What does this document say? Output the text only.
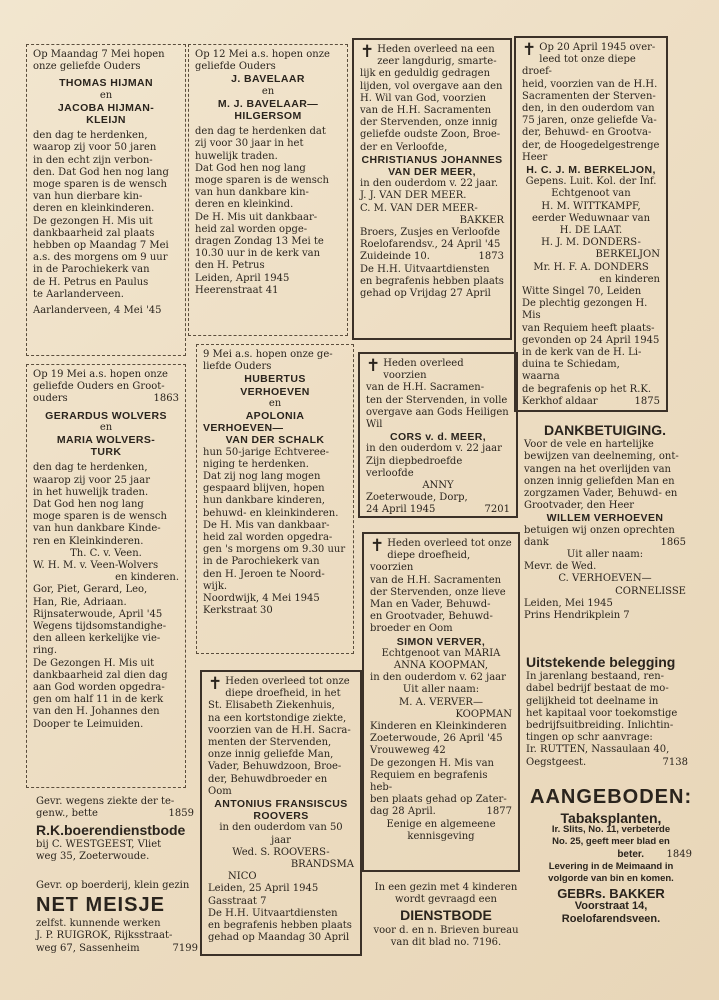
Op Maandag 7 Mei hopen
onze geliefde Ouders
THOMAS HIJMAN
en
JACOBA HIJMAN-
KLEIJN
den dag te herdenken,
waarop zij voor 50 jaren
in den echt zijn verbon-
den. Dat God hen nog lang
moge sparen is de wensch
van hun dierbare kin-
deren en kleinkinderen.
De gezongen H. Mis uit
dankbaarheid zal plaats
hebben op Maandag 7 Mei
a.s. des morgens om 9 uur
in de Parochiekerk van
de H. Petrus en Paulus
te Aarlanderveen.
Aarlanderveen, 4 Mei '45
Op 19 Mei a.s. hopen onze
geliefde Ouders en Groot-
ouders	1863
GERARDUS WOLVERS
en
MARIA WOLVERS-
TURK
den dag te herdenken,
waarop zij voor 25 jaar
in het huwelijk traden.
Dat God hen nog lang
moge sparen is de wensch
van hun dankbare Kinde-
ren en Kleinkinderen.
Th. C. v. Veen.
W. H. M. v. Veen-Wolvers
en kinderen.
Gor, Piet, Gerard, Leo,
Han, Rie, Adriaan.
Rijnsaterwoude, April '45
Wegens tijdsomstandighe-
den alleen kerkelijke vie-
ring.
De Gezongen H. Mis uit
dankbaarheid zal dien dag
aan God worden opgedra-
gen om half 11 in de kerk
van den H. Johannes den
Dooper te Leimuiden.
Gevr. wegens ziekte der te-
genw., bette	1859
R.K.boerendienstbode
bij C. WESTGEEST, Vliet
weg 35, Zoeterwoude.
Gevr. op boerderij, klein gezin
NET MEISJE
zelfst. kunnende werken
J. P. RUIGROK, Rijksstraat-
weg 67, Sassenheim	7199
Op 12 Mei a.s. hopen onze
geliefde Ouders
J. BAVELAAR
en
M. J. BAVELAAR—
HILGERSOM
den dag te herdenken dat
zij voor 30 jaar in het
huwelijk traden.
Dat God hen nog lang
moge sparen is de wensch
van hun dankbare kin-
deren en kleinkind.
De H. Mis uit dankbaar-
heid zal worden opge-
dragen Zondag 13 Mei te
10.30 uur in de kerk van
den H. Petrus
Leiden, April 1945
Heerenstraat 41
9 Mei a.s. hopen onze ge-
liefde Ouders
HUBERTUS
VERHOEVEN
en
APOLONIA
VERHOEVEN—
VAN DER SCHALK
hun 50-jarige Echtvereе-
niging te herdenken.
Dat zij nog lang mogen
gespaard blijven, hopen
hun dankbare kinderen,
behuwd- en kleinkinderen.
De H. Mis van dankbaar-
heid zal worden opgedra-
gen 's morgens om 9.30 uur
in de Parochiekerk van
den H. Jeroen te Noord-
wijk.
Noordwijk, 4 Mei 1945
Kerkstraat 30
✝ Heden overleed tot onze
diepe droefheid, in het
St. Elisabeth Ziekenhuis,
na een kortstondige ziekte,
voorzien van de H.H. Sacra-
menten der Stervenden,
onze innig geliefde Man,
Vader, Behuwdzoon, Broe-
der, Behuwdbroeder en Oom
ANTONIUS FRANSISCUS
ROOVERS
in den ouderdom van 50 jaar
Wed. S. ROOVERS-
BRANDSMA
NICO
Leiden, 25 April 1945
Gasstraat 7
De H.H. Uitvaartdiensten
en begrafenis hebben plaats
gehad op Maandag 30 April
✝ Heden overleed na een
zeer langdurig, smarte-
lijk en geduldig gedragen
lijden, vol overgave aan den
H. Wil van God, voorzien
van de H.H. Sacramenten
der Stervenden, onze innig
geliefde oudste Zoon, Broe-
der en Verloofde,
CHRISTIANUS JOHANNES
VAN DER MEER,
in den ouderdom v. 22 jaar.
J. J. VAN DER MEER.
C. M. VAN DER MEER-
BAKKER
Broers, Zusjes en Verloofde
Roelofarendsv., 24 April '45
Zuideinde 10.	1873
De H.H. Uitvaartdiensten
en begrafenis hebben plaats
gehad op Vrijdag 27 April
✝ Heden overleed voorzien
van de H.H. Sacramen-
ten der Stervenden, in volle
overgave aan Gods Heiligen
Wil
CORS v. d. MEER,
in den ouderdom v. 22 jaar
Zijn diepbedroefde verloofde
ANNY
Zoeterwoude, Dorp,
24 April 1945	7201
✝ Heden overleed tot onze
diepe droefheid, voorzien
van de H.H. Sacramenten
der Stervenden, onze lieve
Man en Vader, Behuwd-
en Grootvader, Behuwd-
broeder en Oom
SIMON VERVER,
Echtgenoot van MARIA
ANNA KOOPMAN,
in den ouderdom v. 62 jaar
Uit aller naam:
M. A. VERVER—
KOOPMAN
Kinderen en Kleinkinderen
Zoeterwoude, 26 April '45
Vrouweweg 42
De gezongen H. Mis van
Requiem en begrafenis heb-
ben plaats gehad op Zater-
dag 28 April.	1877
Eenige en algemeene
kennisgeving
In een gezin met 4 kinderen
wordt gevraagd een
DIENSTBODE
voor d. en n. Brieven bureau
van dit blad no. 7196.
✝ Op 20 April 1945 over-
leed tot onze diepe droef-
heid, voorzien van de H.H.
Sacramenten der Sterven-
den, in den ouderdom van
75 jaren, onze geliefde Va-
der, Behuwd- en Grootva-
der, de Hoogedelgestrenge
Heer
H. C. J. M. BERKELJON,
Gepens. Luit. Kol. der Inf.
Echtgenoot van
H. M. WITTKAMPF,
eerder Weduwnaar van
H. DE LAAT.
H. J. M. DONDERS-
BERKELJON
Mr. H. F. A. DONDERS
en kinderen
Witte Singel 70, Leiden
De plechtig gezongen H. Mis
van Requiem heeft plaats-
gevonden op 24 April 1945
in de kerk van de H. Li-
duina te Schiedam, waarna
de begrafenis op het R.K.
Kerkhof aldaar	1875
DANKBETUIGING.
Voor de vele en hartelijke
bewijzen van deelneming, ont-
vangen na het overlijden van
onzen innig geliefden Man en
zorgzamen Vader, Behuwd- en
Grootvader, den Heer
WILLEM VERHOEVEN
betuigen wij onzen oprechten
dank	1865
Uit aller naam:
Mevr. de Wed.
C. VERHOEVEN—
CORNELISSE
Leiden, Mei 1945
Prins Hendrikplein 7
Uitstekende belegging
In jarenlang bestaand, ren-
dabel bedrijf bestaat de mo-
gelijkheid tot deelname in
het kapitaal voor toekomstige
bedrijfsuitbreiding. Inlichtin-
tingen op schr aanvrage:
Ir. RUTTEN, Nassaulaan 40,
Oegstgeest.	7138
AANGEBODEN:
Tabaksplanten,
Ir. Slits, No. 11, verbeterde
No. 25, geeft meer blad en
beter. 1849
Levering in de Meimaand in
volgorde van bin en komen.
GEBRs. BAKKER
Voorstraat 14,
Roelofarendsveen.
